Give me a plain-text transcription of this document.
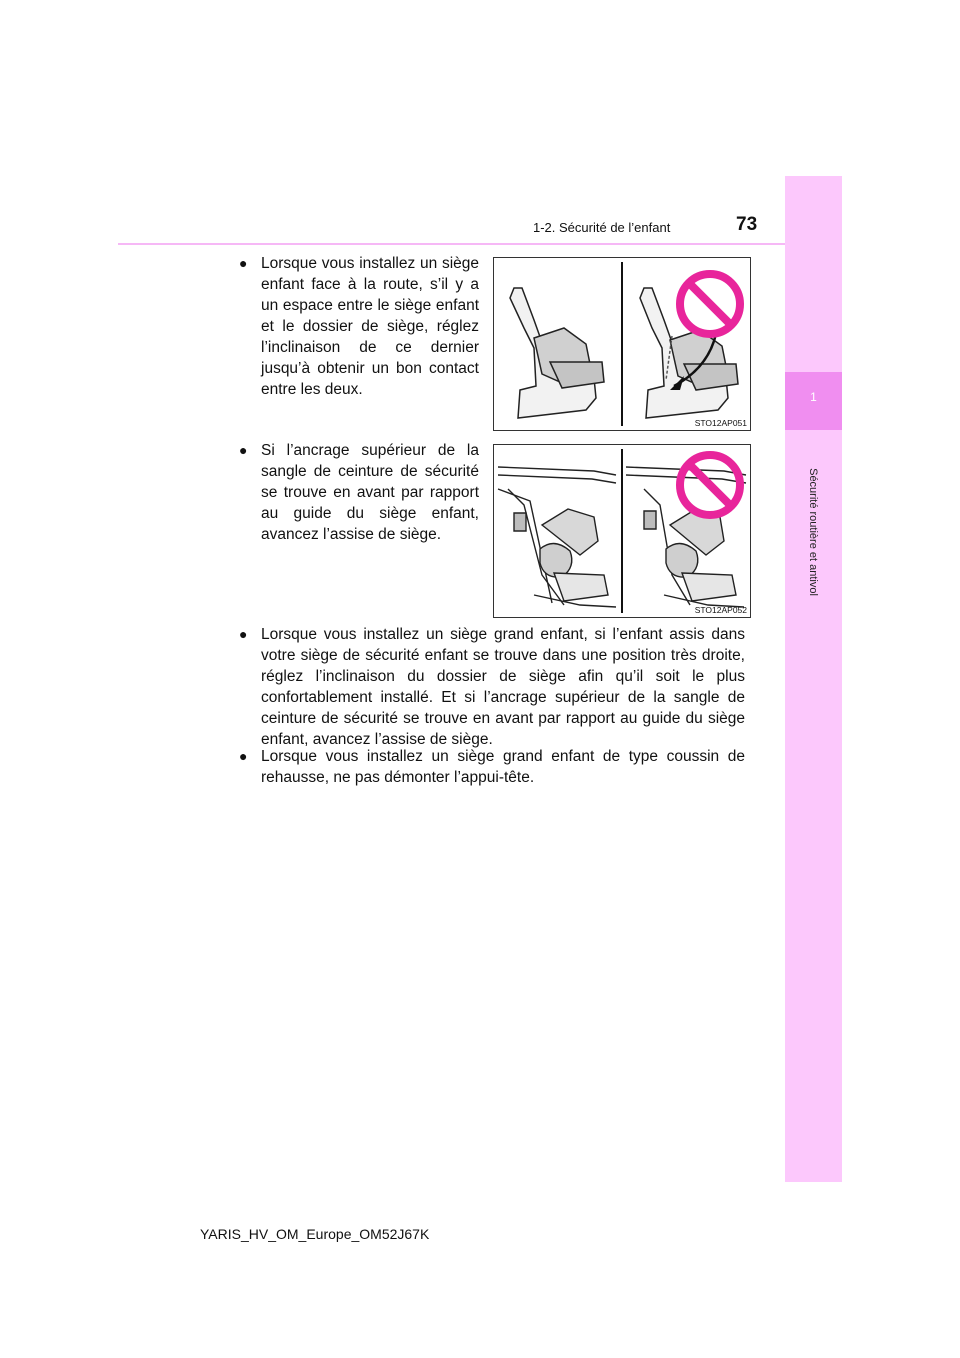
1-2. Sécurité de l’enfant	73
1
Sécurité routière et antivol
● Lorsque vous installez un siège enfant face à la route, s’il y a un espace entre le siège enfant et le dossier de siège, réglez l’inclinaison de ce dernier jusqu’à obtenir un bon contact entre les deux.
● Si l’ancrage supérieur de la sangle de ceinture de sécurité se trouve en avant par rapport au guide du siège enfant, avancez l’assise de siège.
● Lorsque vous installez un siège grand enfant, si l’enfant assis dans votre siège de sécurité enfant se trouve dans une position très droite, réglez l’inclinaison du dossier de siège afin qu’il soit le plus confortablement installé. Et si l’ancrage supérieur de la sangle de ceinture de sécurité se trouve en avant par rapport au guide du siège enfant, avancez l’assise de siège.
● Lorsque vous installez un siège grand enfant de type coussin de rehausse, ne pas démonter l’appui-tête.
STO12AP051
STO12AP052
YARIS_HV_OM_Europe_OM52J67K
